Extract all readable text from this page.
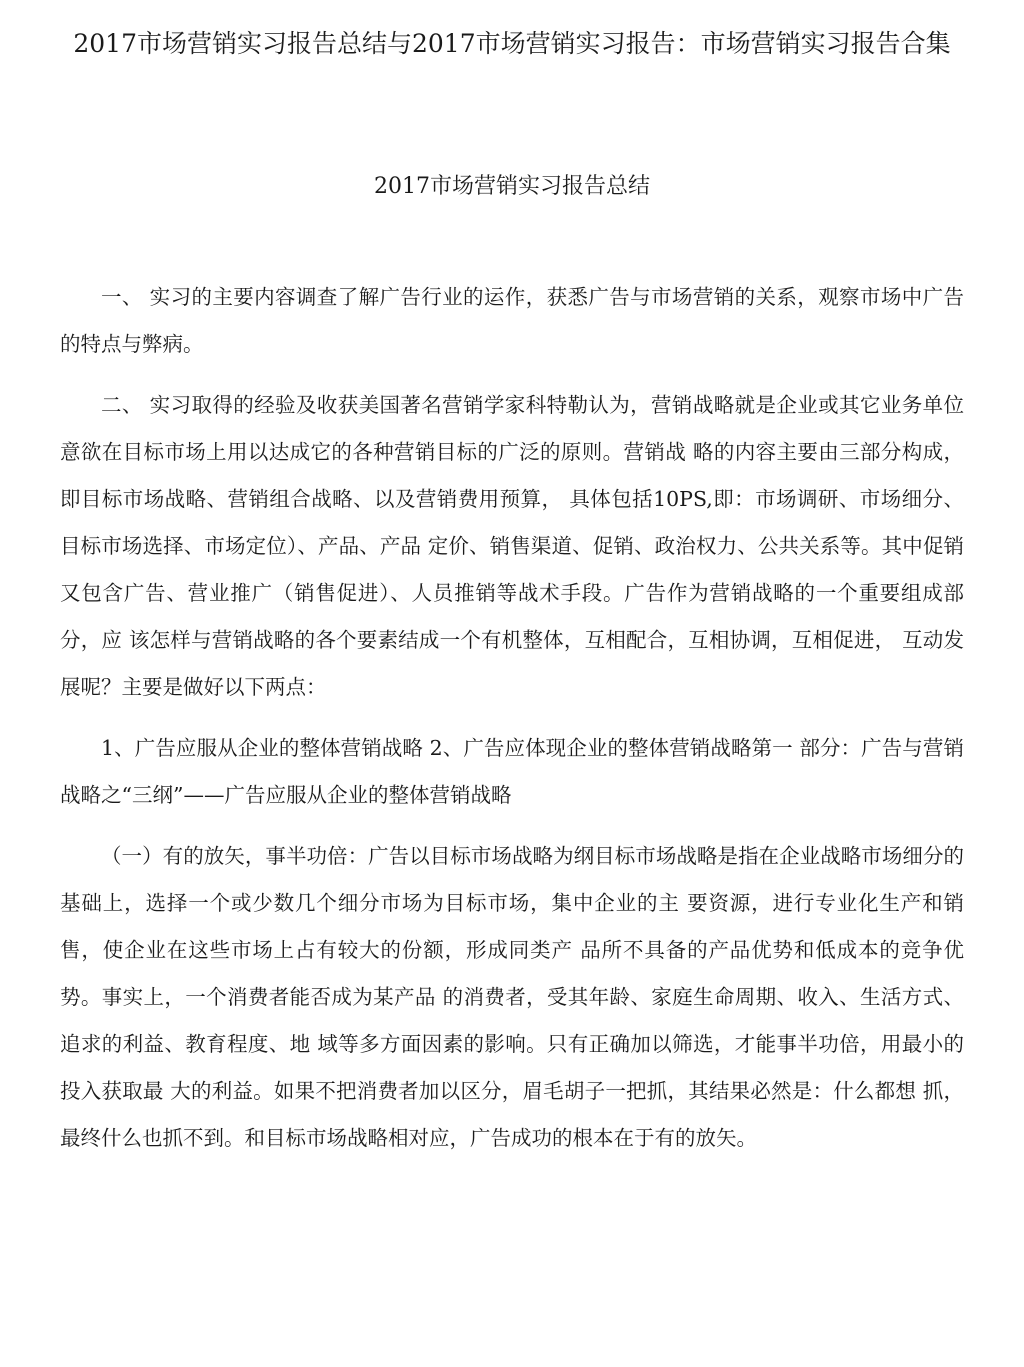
2017市场营销实习报告总结与2017市场营销实习报告：市场营销实习报告合集
2017市场营销实习报告总结

一、 实习的主要内容调查了解广告行业的运作，获悉广告与市场营销的关系，观察市场中广告的特点与弊病。

二、 实习取得的经验及收获美国著名营销学家科特勒认为，营销战略就是企业或其它业务单位意欲在目标市场上用以达成它的各种营销目标的广泛的原则。营销战 略的内容主要由三部分构成，即目标市场战略、营销组合战略、以及营销费用预算， 具体包括10PS,即：市场调研、市场细分、目标市场选择、市场定位）、产品、产品 定价、销售渠道、促销、政治权力、公共关系等。其中促销又包含广告、营业推广（销售促进）、人员推销等战术手段。广告作为营销战略的一个重要组成部分，应 该怎样与营销战略的各个要素结成一个有机整体，互相配合，互相协调，互相促进， 互动发展呢？主要是做好以下两点：

1、广告应服从企业的整体营销战略 2、广告应体现企业的整体营销战略第一 部分：广告与营销战略之“三纲”——广告应服从企业的整体营销战略

（一）有的放矢，事半功倍：广告以目标市场战略为纲目标市场战略是指在企业战略市场细分的基础上，选择一个或少数几个细分市场为目标市场，集中企业的主 要资源，进行专业化生产和销售，使企业在这些市场上占有较大的份额，形成同类产 品所不具备的产品优势和低成本的竞争优势。事实上，一个消费者能否成为某产品 的消费者，受其年龄、家庭生命周期、收入、生活方式、追求的利益、教育程度、地 域等多方面因素的影响。只有正确加以筛选，才能事半功倍，用最小的投入获取最 大的利益。如果不把消费者加以区分，眉毛胡子一把抓，其结果必然是：什么都想 抓，最终什么也抓不到。和目标市场战略相对应，广告成功的根本在于有的放矢。
